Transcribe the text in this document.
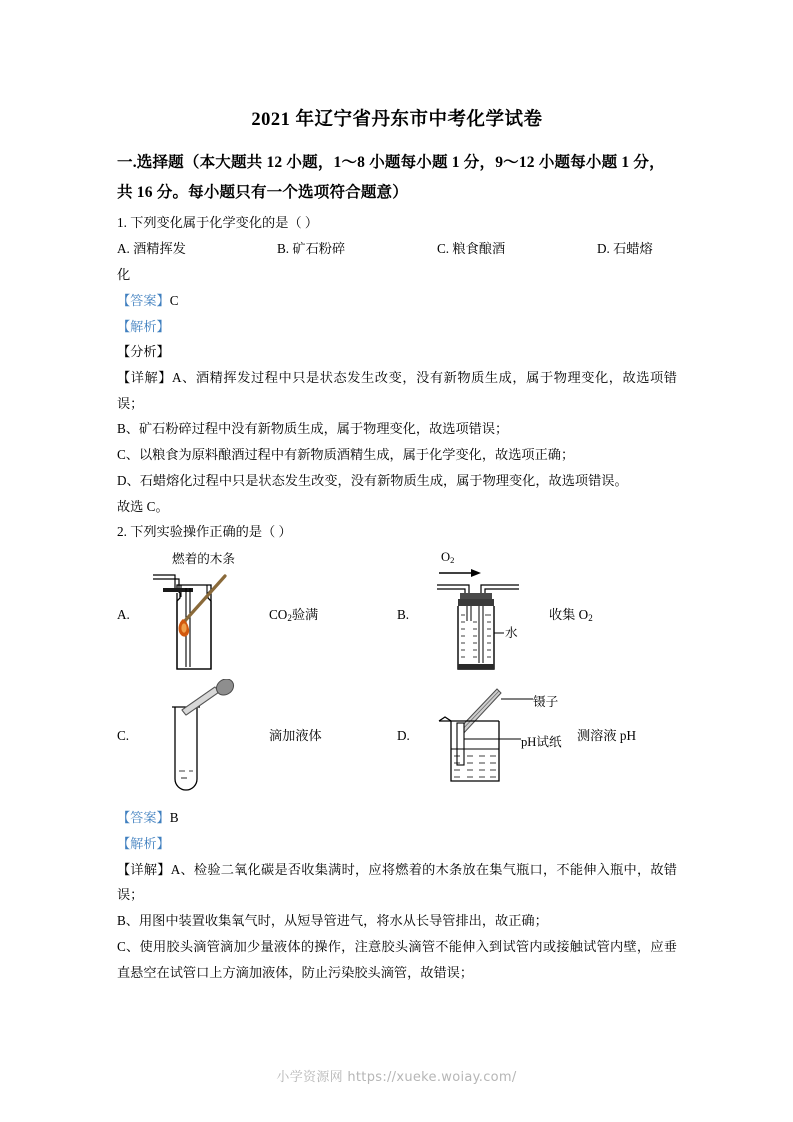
2021 年辽宁省丹东市中考化学试卷

一.选择题（本大题共 12 小题，1～8 小题每小题 1 分，9～12 小题每小题 1 分，共 16 分。每小题只有一个选项符合题意）

1. 下列变化属于化学变化的是（ ）

A. 酒精挥发	B. 矿石粉碎	C. 粮食酿酒	D. 石蜡熔

化

【答案】C

【解析】

【分析】

【详解】A、酒精挥发过程中只是状态发生改变，没有新物质生成，属于物理变化，故选项错误；

B、矿石粉碎过程中没有新物质生成，属于物理变化，故选项错误；

C、以粮食为原料酿酒过程中有新物质酒精生成，属于化学变化，故选项正确；

D、石蜡熔化过程中只是状态发生改变，没有新物质生成，属于物理变化，故选项错误。

故选 C。

2. 下列实验操作正确的是（ ）

燃着的木条
A.	$CO_2$验满
$O_2$
B.
水
收集 $O_2$
C.	滴加液体	D.
镊子
pH试纸 测溶液 pH

【答案】B

【解析】

【详解】A、检验二氧化碳是否收集满时，应将燃着的木条放在集气瓶口，不能伸入瓶中，故错误；

B、用图中装置收集氧气时，从短导管进气，将水从长导管排出，故正确；

C、使用胶头滴管滴加少量液体的操作，注意胶头滴管不能伸入到试管内或接触试管内壁，应垂直悬空在试管口上方滴加液体，防止污染胶头滴管，故错误；

小学资源网 https://xueke.woiay.com/
